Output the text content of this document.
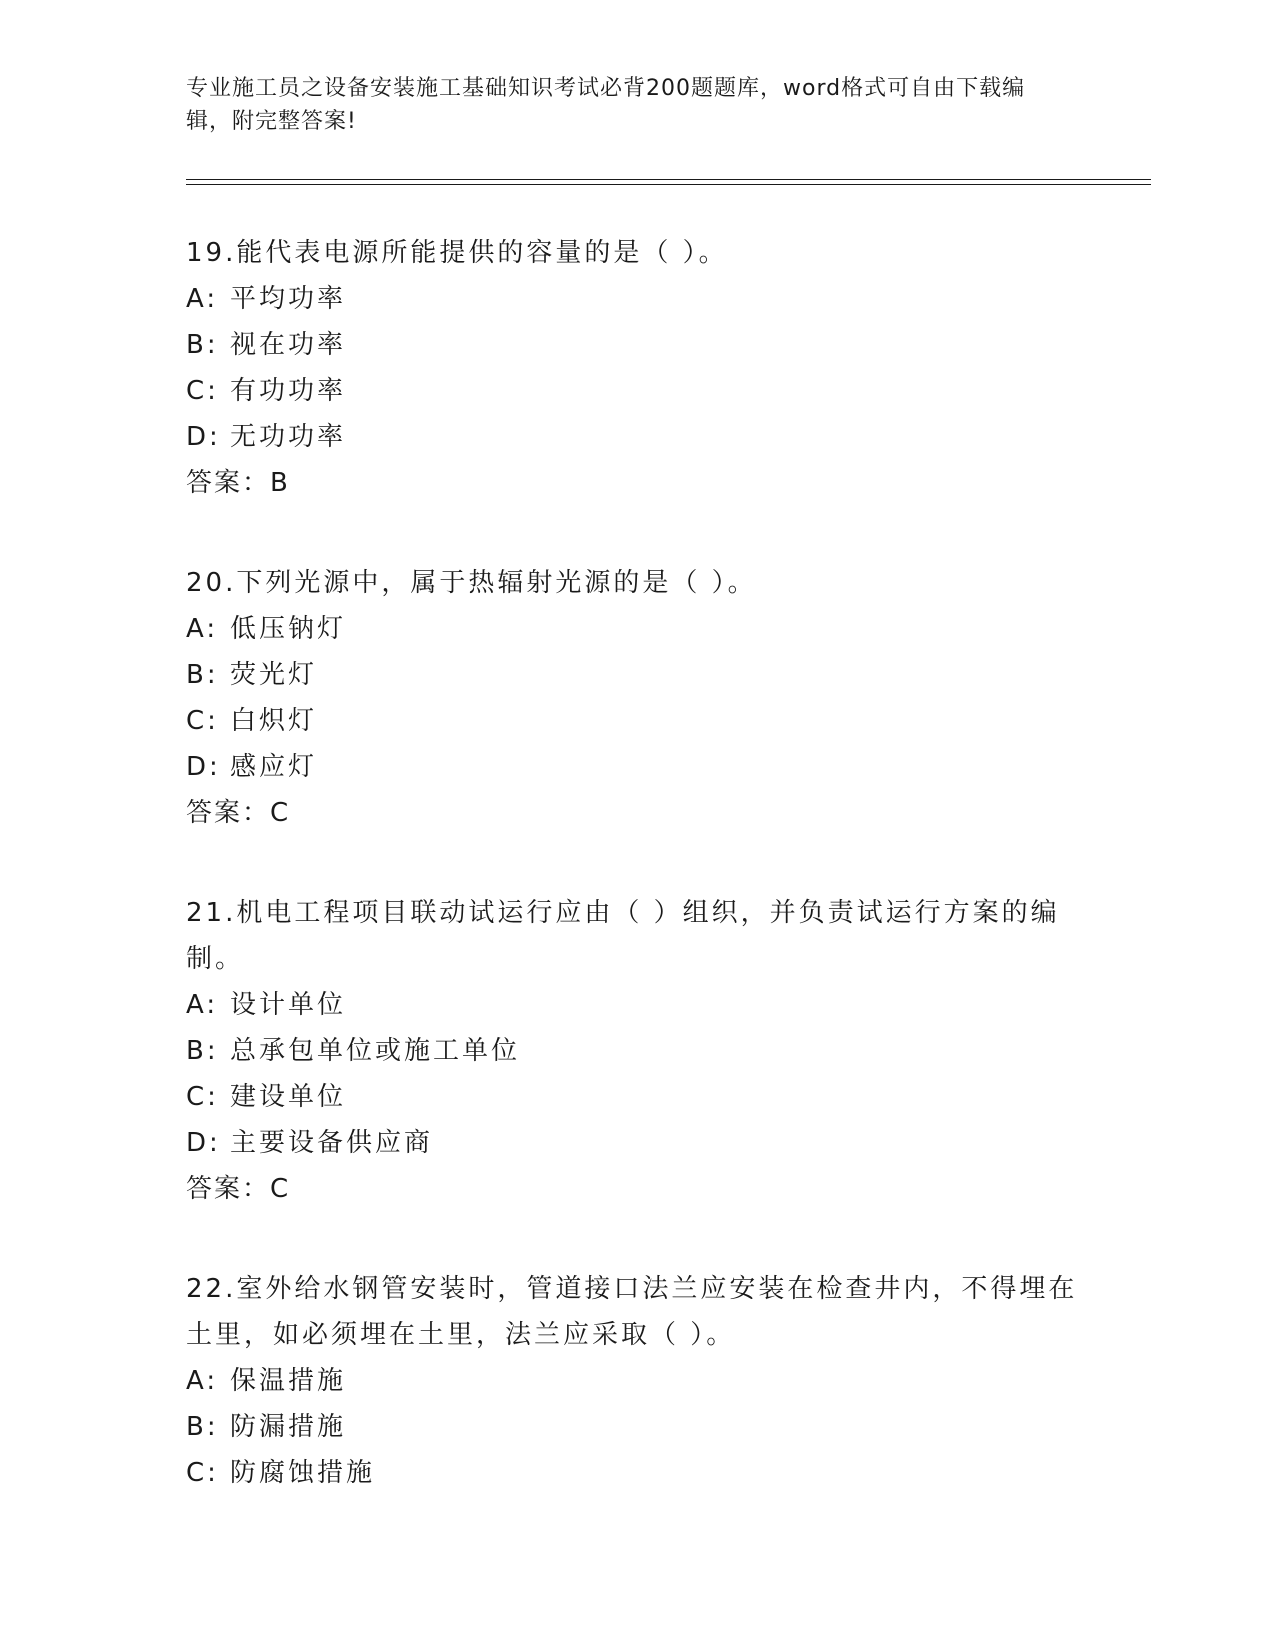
专业施工员之设备安装施工基础知识考试必背200题题库，word格式可自由下载编辑，附完整答案!
19.能代表电源所能提供的容量的是（ ）。
A: 平均功率
B: 视在功率
C: 有功功率
D: 无功功率
答案：B
20.下列光源中，属于热辐射光源的是（ ）。
A: 低压钠灯
B: 荧光灯
C: 白炽灯
D: 感应灯
答案：C
21.机电工程项目联动试运行应由（ ）组织，并负责试运行方案的编制。
A: 设计单位
B: 总承包单位或施工单位
C: 建设单位
D: 主要设备供应商
答案：C
22.室外给水钢管安装时，管道接口法兰应安装在检查井内，不得埋在土里，如必须埋在土里，法兰应采取（ ）。
A: 保温措施
B: 防漏措施
C: 防腐蚀措施
